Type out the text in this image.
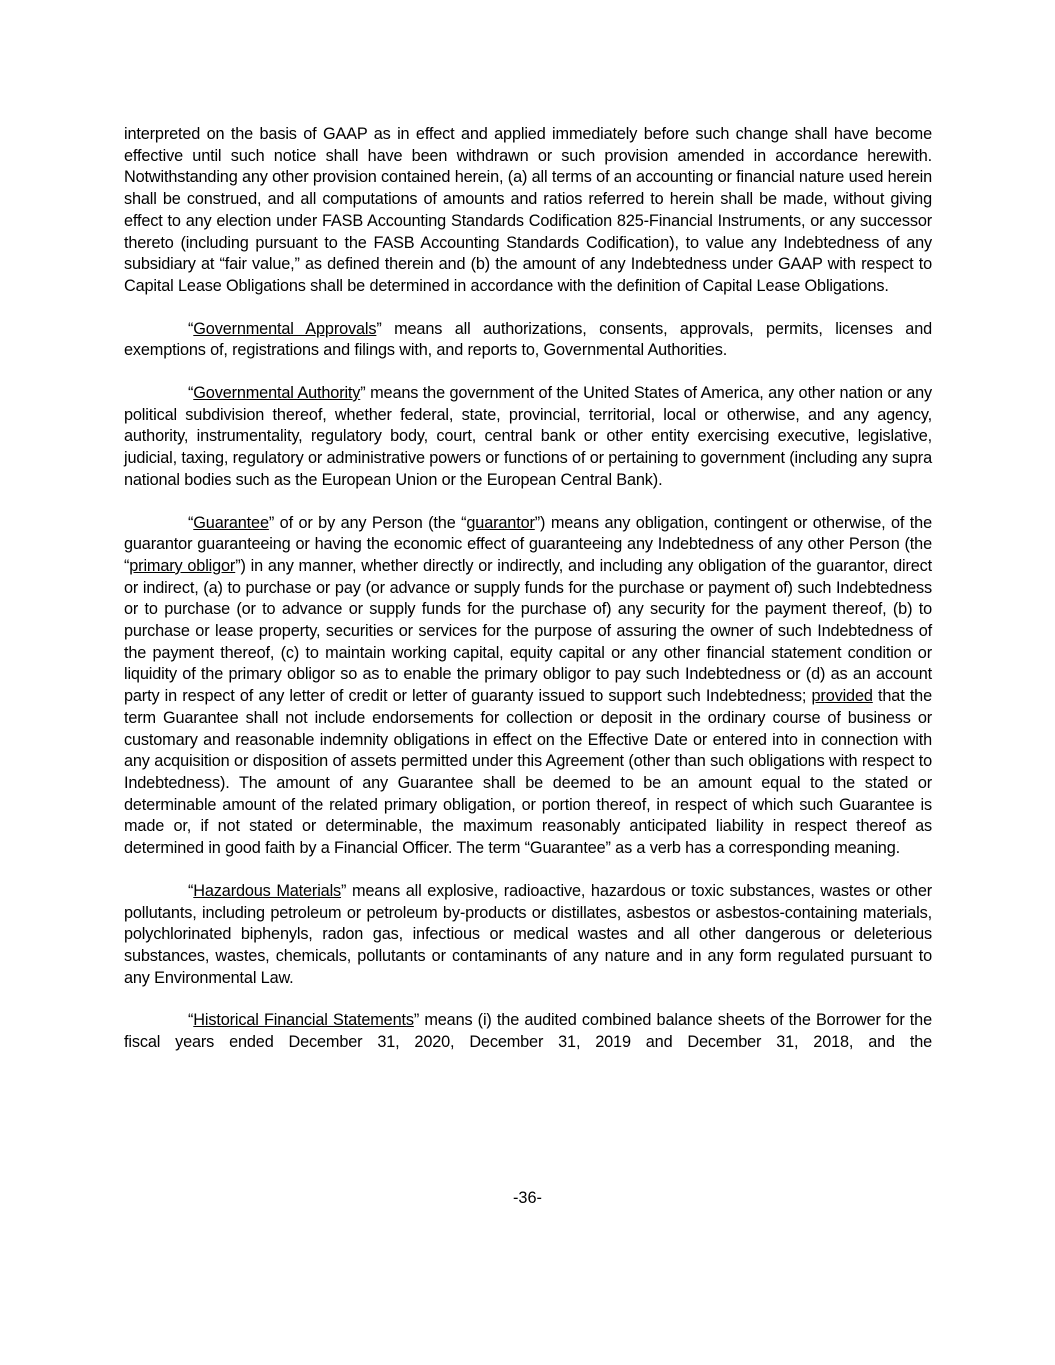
interpreted on the basis of GAAP as in effect and applied immediately before such change shall have become effective until such notice shall have been withdrawn or such provision amended in accordance herewith. Notwithstanding any other provision contained herein, (a) all terms of an accounting or financial nature used herein shall be construed, and all computations of amounts and ratios referred to herein shall be made, without giving effect to any election under FASB Accounting Standards Codification 825-Financial Instruments, or any successor thereto (including pursuant to the FASB Accounting Standards Codification), to value any Indebtedness of any subsidiary at “fair value,” as defined therein and (b) the amount of any Indebtedness under GAAP with respect to Capital Lease Obligations shall be determined in accordance with the definition of Capital Lease Obligations.

“Governmental Approvals” means all authorizations, consents, approvals, permits, licenses and exemptions of, registrations and filings with, and reports to, Governmental Authorities.

“Governmental Authority” means the government of the United States of America, any other nation or any political subdivision thereof, whether federal, state, provincial, territorial, local or otherwise, and any agency, authority, instrumentality, regulatory body, court, central bank or other entity exercising executive, legislative, judicial, taxing, regulatory or administrative powers or functions of or pertaining to government (including any supra national bodies such as the European Union or the European Central Bank).

“Guarantee” of or by any Person (the “guarantor”) means any obligation, contingent or otherwise, of the guarantor guaranteeing or having the economic effect of guaranteeing any Indebtedness of any other Person (the “primary obligor”) in any manner, whether directly or indirectly, and including any obligation of the guarantor, direct or indirect, (a) to purchase or pay (or advance or supply funds for the purchase or payment of) such Indebtedness or to purchase (or to advance or supply funds for the purchase of) any security for the payment thereof, (b) to purchase or lease property, securities or services for the purpose of assuring the owner of such Indebtedness of the payment thereof, (c) to maintain working capital, equity capital or any other financial statement condition or liquidity of the primary obligor so as to enable the primary obligor to pay such Indebtedness or (d) as an account party in respect of any letter of credit or letter of guaranty issued to support such Indebtedness; provided that the term Guarantee shall not include endorsements for collection or deposit in the ordinary course of business or customary and reasonable indemnity obligations in effect on the Effective Date or entered into in connection with any acquisition or disposition of assets permitted under this Agreement (other than such obligations with respect to Indebtedness). The amount of any Guarantee shall be deemed to be an amount equal to the stated or determinable amount of the related primary obligation, or portion thereof, in respect of which such Guarantee is made or, if not stated or determinable, the maximum reasonably anticipated liability in respect thereof as determined in good faith by a Financial Officer. The term “Guarantee” as a verb has a corresponding meaning.

“Hazardous Materials” means all explosive, radioactive, hazardous or toxic substances, wastes or other pollutants, including petroleum or petroleum by-products or distillates, asbestos or asbestos-containing materials, polychlorinated biphenyls, radon gas, infectious or medical wastes and all other dangerous or deleterious substances, wastes, chemicals, pollutants or contaminants of any nature and in any form regulated pursuant to any Environmental Law.

“Historical Financial Statements” means (i) the audited combined balance sheets of the Borrower for the fiscal years ended December 31, 2020, December 31, 2019 and December 31, 2018, and the

-36-
